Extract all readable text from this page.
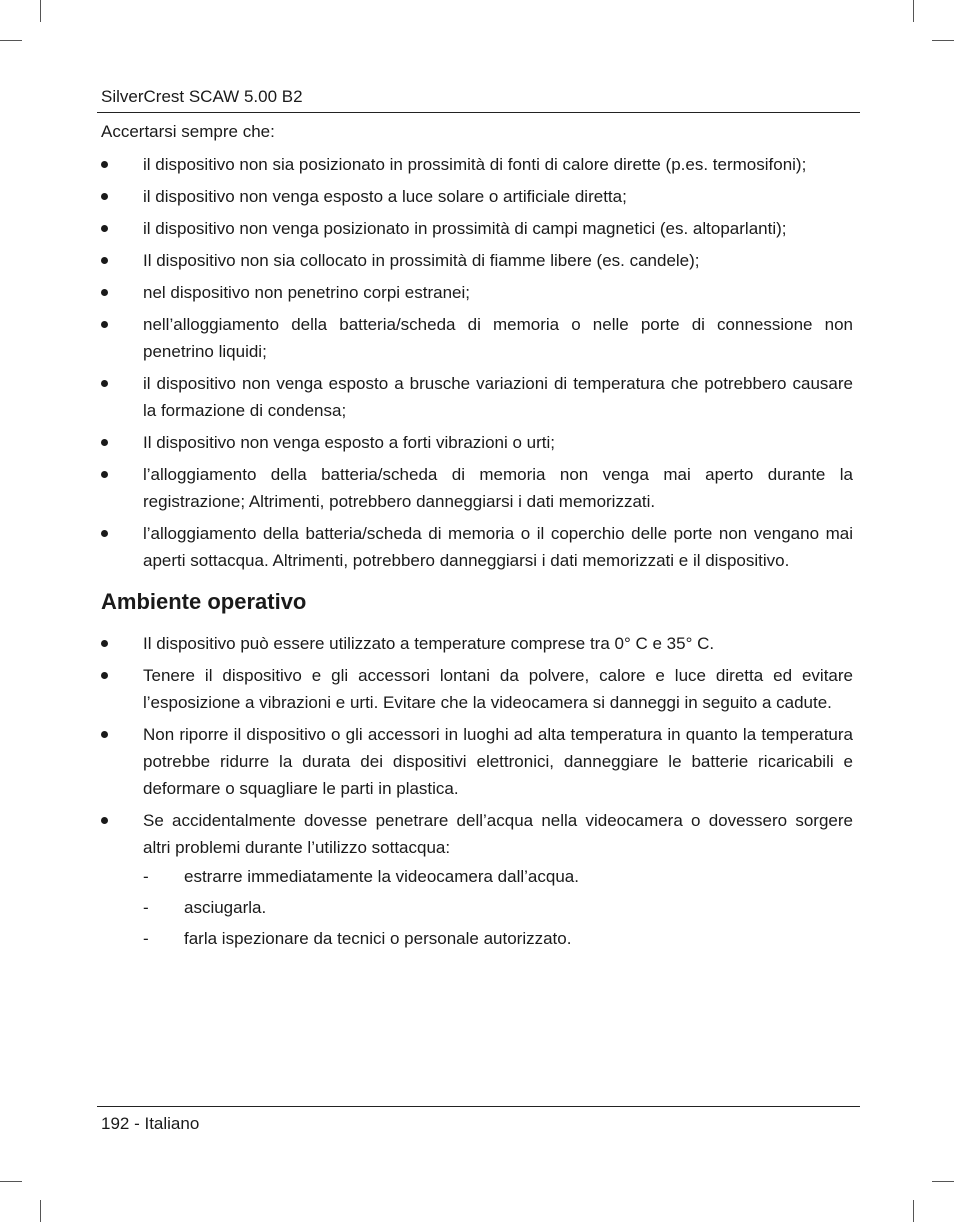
SilverCrest SCAW 5.00 B2

Accertarsi sempre che:

il dispositivo non sia posizionato in prossimità di fonti di calore dirette (p.es. termosifoni);
il dispositivo non venga esposto a luce solare o artificiale diretta;
il dispositivo non venga posizionato in prossimità di campi magnetici (es. altoparlanti);
Il dispositivo non sia collocato in prossimità di fiamme libere (es. candele);
nel dispositivo non penetrino corpi estranei;
nell’alloggiamento della batteria/scheda di memoria o nelle porte di connessione non penetrino liquidi;
il dispositivo non venga esposto a brusche variazioni di temperatura che potrebbero causare la formazione di condensa;
Il dispositivo non venga esposto a forti vibrazioni o urti;
l’alloggiamento della batteria/scheda di memoria non venga mai aperto durante la registrazione; Altrimenti, potrebbero danneggiarsi i dati memorizzati.
l’alloggiamento della batteria/scheda di memoria o il coperchio delle porte non vengano mai aperti sottacqua. Altrimenti, potrebbero danneggiarsi i dati memorizzati e il dispositivo.
Ambiente operativo
Il dispositivo può essere utilizzato a temperature comprese tra 0° C e 35° C.
Tenere il dispositivo e gli accessori lontani da polvere, calore e luce diretta ed evitare l’esposizione a vibrazioni e urti. Evitare che la videocamera si danneggi in seguito a cadute.
Non riporre il dispositivo o gli accessori in luoghi ad alta temperatura in quanto la temperatura potrebbe ridurre la durata dei dispositivi elettronici, danneggiare le batterie ricaricabili e deformare o squagliare le parti in plastica.
Se accidentalmente dovesse penetrare dell’acqua nella videocamera o dovessero sorgere altri problemi durante l’utilizzo sottacqua:
- estrarre immediatamente la videocamera dall’acqua.
- asciugarla.
- farla ispezionare da tecnici o personale autorizzato.
192 - Italiano
